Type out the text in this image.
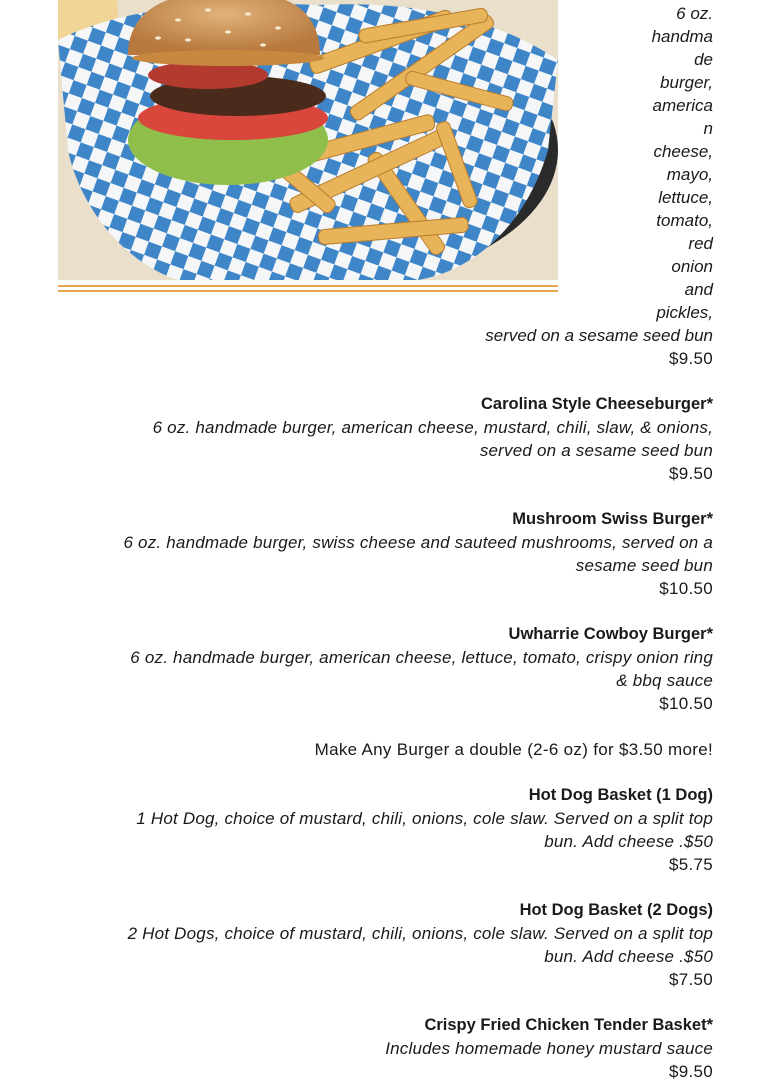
6 oz.
handma
de
burger,
america
n
cheese,
mayo,
lettuce,
tomato,
red
onion
and
pickles,
served on a sesame seed bun
$9.50
Carolina Style Cheeseburger*
6 oz. handmade burger, american cheese, mustard, chili, slaw, & onions,
served on a sesame seed bun
$9.50
Mushroom Swiss Burger*
6 oz. handmade burger, swiss cheese and sauteed mushrooms, served on a
sesame seed bun
$10.50
Uwharrie Cowboy Burger*
6 oz. handmade burger, american cheese, lettuce, tomato, crispy onion ring
& bbq sauce
$10.50
Make Any Burger a double (2-6 oz) for $3.50 more!
Hot Dog Basket (1 Dog)
1 Hot Dog, choice of mustard, chili, onions, cole slaw. Served on a split top
bun. Add cheese .$50
$5.75
Hot Dog Basket (2 Dogs)
2 Hot Dogs, choice of mustard, chili, onions, cole slaw. Served on a split top
bun. Add cheese .$50
$7.50
Crispy Fried Chicken Tender Basket*
Includes homemade honey mustard sauce
$9.50
